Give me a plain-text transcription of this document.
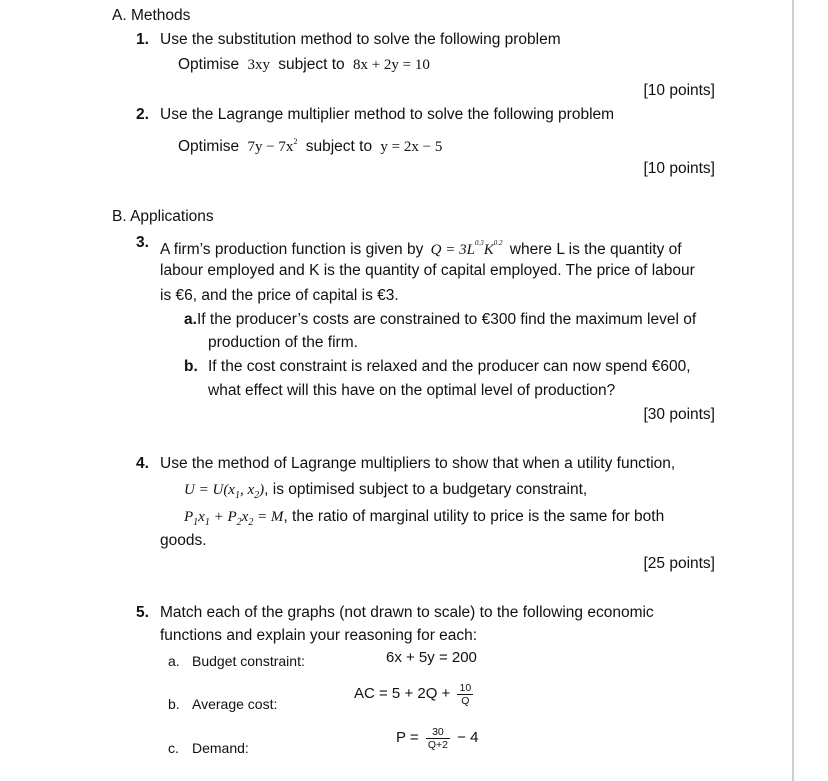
A. Methods
1. Use the substitution method to solve the following problem
Optimise 3xy subject to 8x + 2y = 10
[10 points]
2. Use the Lagrange multiplier method to solve the following problem
Optimise $7y - 7x^2$ subject to y = 2x − 5
[10 points]
B. Applications
3. A firm’s production function is given by $Q = 3L^{0.3}K^{0.2}$ where L is the quantity of
labour employed and K is the quantity of capital employed. The price of labour
is €6, and the price of capital is €3.
a. If the producer’s costs are constrained to €300 find the maximum level of
production of the firm.
b. If the cost constraint is relaxed and the producer can now spend €600,
what effect will this have on the optimal level of production?
[30 points]
4. Use the method of Lagrange multipliers to show that when a utility function,
$U = U(x_1$, $x_2$), is optimised subject to a budgetary constraint,
$P_1x_1 + P_2x_2 = M$, the ratio of marginal utility to price is the same for both
goods.
[25 points]
5. Match each of the graphs (not drawn to scale) to the following economic
functions and explain your reasoning for each:
a. Budget constraint:	6x + 5y = 200
b. Average cost:
AC = $5 + 2Q + \frac{10}{Q}$
c. Demand:
$P = \frac{30}{Q+2} - 4$
